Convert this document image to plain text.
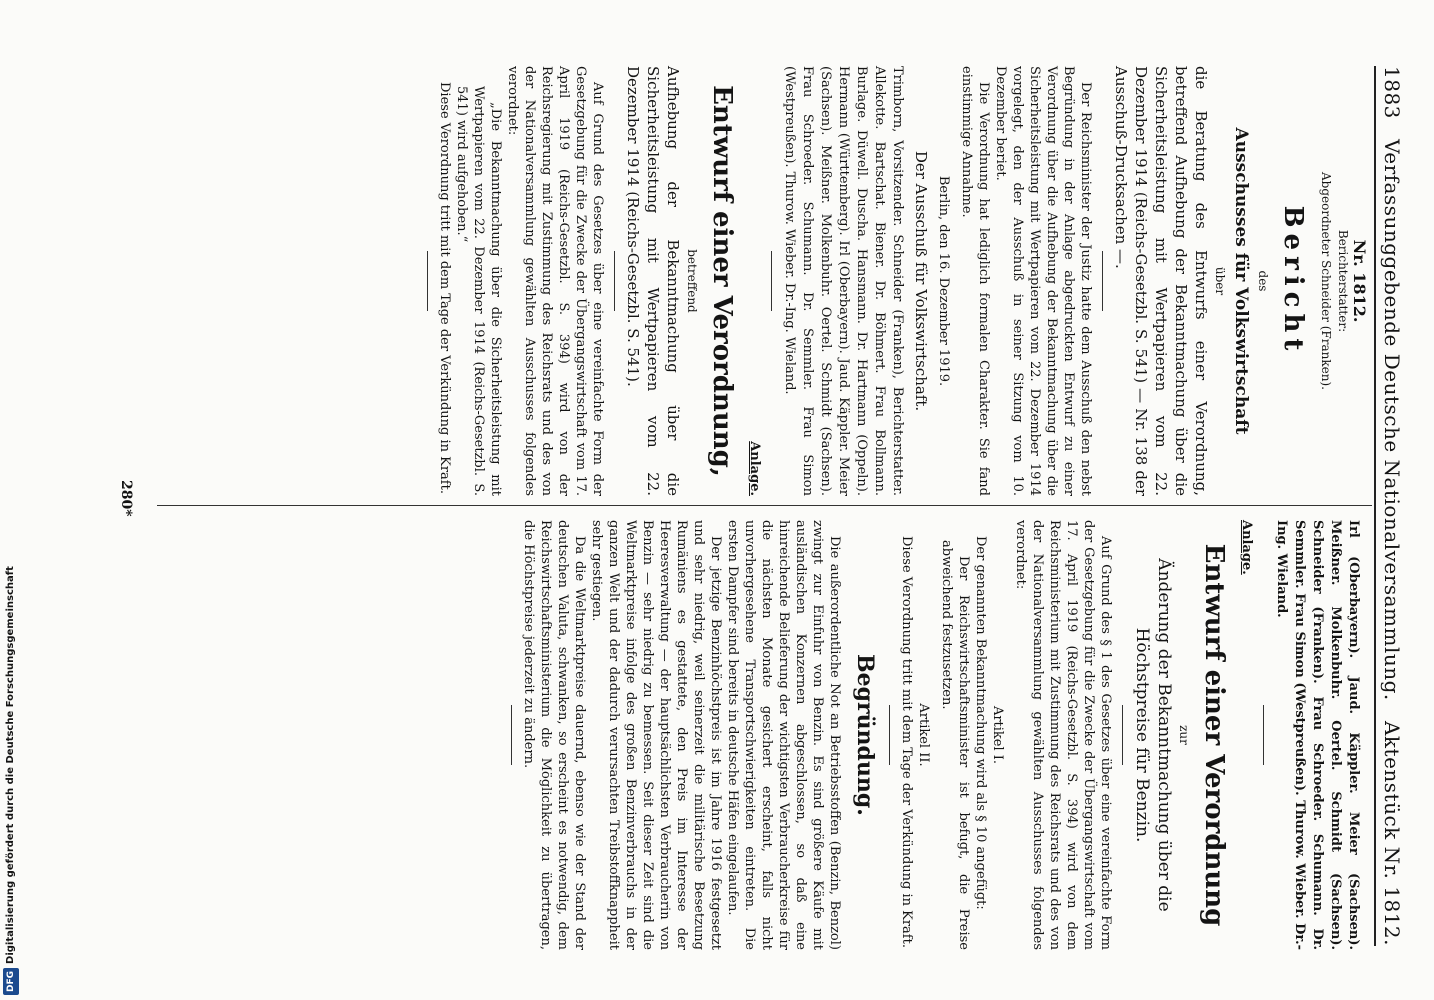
1883
Verfassunggebende Deutsche Nationalversammlung.
Aktenstück Nr. 1812.
Nr. 1812.
Berichterstatter:
Abgeordneter Schneider (Franken).
Bericht
des
Ausschusses für Volkswirtschaft
über

die Beratung des Entwurfs einer Verordnung, betreffend Aufhebung der Bekanntmachung über die Sicherheitsleistung mit Wertpapieren vom 22. Dezember 1914 (Reichs-Gesetzbl. S. 541) — Nr. 138 der Ausschuß-Drucksachen —.

Der Reichsminister der Justiz hatte dem Ausschuß den nebst Begründung in der Anlage abgedruckten Entwurf zu einer Verordnung über die Aufhebung der Bekanntmachung über die Sicherheitsleistung mit Wertpapieren vom 22. Dezember 1914 vorgelegt, den der Ausschuß in seiner Sitzung vom 10. Dezember beriet.

Die Verordnung hat lediglich formalen Charakter. Sie fand einstimmige Annahme.

Berlin, den 16. Dezember 1919.
Der Ausschuß für Volkswirtschaft.

Trimborn, Vorsitzender. Schneider (Franken), Berichterstatter. Allekotte. Bartschat. Biener. Dr. Böhmert. Frau Bollmann. Burlage. Düwell. Duscha. Hansmann. Dr. Hartmann (Oppeln). Hermann (Württemberg). Irl (Oberbayern). Jaud. Käppler. Meier (Sachsen). Meißner. Molkenbuhr. Oertel. Schmidt (Sachsen). Frau Schroeder. Schumann. Dr. Semmler. Frau Simon (Westpreußen). Thurow. Wieber. Dr.-Ing. Wieland.

Anlage.
Entwurf einer Verordnung,
betreffend

Aufhebung der Bekanntmachung über die Sicherheitsleistung mit Wertpapieren vom 22. Dezember 1914 (Reichs-Gesetzbl. S. 541).

Auf Grund des Gesetzes über eine vereinfachte Form der Gesetzgebung für die Zwecke der Übergangswirtschaft vom 17. April 1919 (Reichs-Gesetzbl. S. 394) wird von der Reichsregierung mit Zustimmung des Reichsrats und des von der Nationalversammlung gewählten Ausschusses folgendes verordnet:

„Die Bekanntmachung über die Sicherheitsleistung mit Wertpapieren vom 22. Dezember 1914 (Reichs-Gesetzbl. S. 541) wird aufgehoben.“

Diese Verordnung tritt mit dem Tage der Verkündung in Kraft.

Irl (Oberbayern). Jaud. Käppler. Meier (Sachsen). Meißner. Molkenbuhr. Oertel. Schmidt (Sachsen). Schneider (Franken). Frau Schroeder. Schumann. Dr. Semmler. Frau Simon (Westpreußen). Thurow. Wieber. Dr.-Ing. Wieland.

Anlage.
Entwurf einer Verordnung
zur
Änderung der Bekanntmachung über die Höchstpreise für Benzin.

Auf Grund des § 1 des Gesetzes über eine vereinfachte Form der Gesetzgebung für die Zwecke der Übergangswirtschaft vom 17. April 1919 (Reichs-Gesetzbl. S. 394) wird von dem Reichsministerium mit Zustimmung des Reichsrats und des von der Nationalversammlung gewählten Ausschusses folgendes verordnet:

Artikel I.

Der genannten Bekanntmachung wird als § 10 angefügt:

Der Reichswirtschaftsminister ist befugt, die Preise abweichend festzusetzen.

Artikel II.

Diese Verordnung tritt mit dem Tage der Verkündung in Kraft.

Begründung.

Die außerordentliche Not an Betriebsstoffen (Benzin, Benzol) zwingt zur Einfuhr von Benzin. Es sind größere Käufe mit ausländischen Konzernen abgeschlossen, so daß eine hinreichende Belieferung der wichtigsten Verbraucherkreise für die nächsten Monate gesichert erscheint, falls nicht unvorhergesehene Transportschwierigkeiten eintreten. Die ersten Dampfer sind bereits in deutsche Häfen eingelaufen.

Der jetzige Benzinhöchstpreis ist im Jahre 1916 festgesetzt und sehr niedrig, weil seinerzeit die militärische Besetzung Rumäniens es gestattete, den Preis im Interesse der Heeresverwaltung — der hauptsächlichsten Verbraucherin von Benzin — sehr niedrig zu bemessen. Seit dieser Zeit sind die Weltmarktpreise infolge des großen Benzinverbrauchs in der ganzen Welt und der dadurch verursachten Treibstoffknappheit sehr gestiegen.

Da die Weltmarktpreise dauernd, ebenso wie der Stand der deutschen Valuta, schwanken, so erscheint es notwendig, dem Reichswirtschaftsministerium die Möglichkeit zu übertragen, die Höchstpreise jederzeit zu ändern.

280*
DFGDigitalisierung gefördert durch die Deutsche Forschungsgemeinschaft
